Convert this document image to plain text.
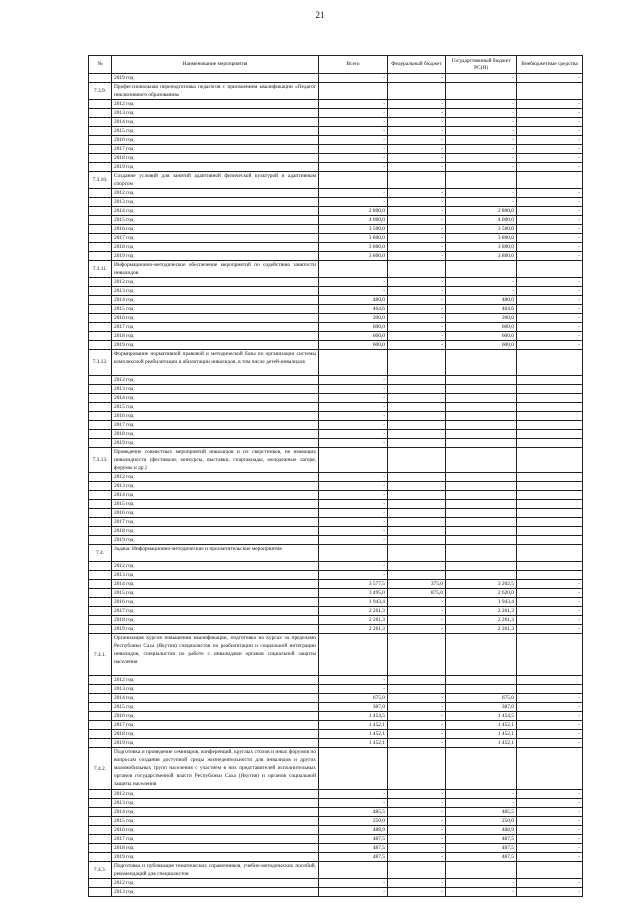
21
№	Наименование мероприятия	Всего	Федеральный бюджет	Государственный бюджет РС(Я)	Внебюджетные средства
	2019 год	-	-	-	-
7.3.9.	Профессиональная переподготовка педагогов с присвоением квалификации «Педагог инклюзивного образования»				
	2012 год	-	-	-	-
	2013 год	-	-	-	-
	2014 год	-	-	-	-
	2015 год	-	-	-	-
	2016 год	-	-	-	-
	2017 год	-	-	-	-
	2018 год	-	-	-	-
	2019 год	-	-	-	-
7.3.10.	Создание условий для занятий адаптивной физической культурой и адаптивным спортом				
	2012 год	-	-	-	-
	2013 год	-	-	-	-
	2014 год	2 800,0	-	2 800,0	-
	2015 год	4 000,0	-	4 000,0	-
	2016 год	3 500,0	-	3 500,0	-
	2017 год	3 800,0	-	3 800,0	-
	2018 год	3 800,0	-	3 800,0	-
	2019 год	3 800,0	-	3 800,0	-
7.3.11.	Информационно-методическое обеспечение мероприятий по содействию занятости инвалидов				
	2012 год	-	-	-	-
	2013 год	-	-	-	-
	2014 год	480,0	-	480,0	-
	2015 год	464,6	-	464,6	-
	2016 год	200,0	-	200,0	-
	2017 год	600,0	-	600,0	-
	2018 год	600,0	-	600,0	-
	2019 год	600,0	-	600,0	-
7.3.12.	Формирование нормативной правовой и методической базы по организации системы комплексной реабилитации и абилитации инвалидов, в том числе детей-инвалидов				
	2012 год	-			
	2013 год	-			
	2014 год	-			
	2015 год	-			
	2016 год	-			
	2017 год	-			
	2018 год	-			
	2019 год	-			
7.3.13.	Проведение совместных мероприятий инвалидов и их сверстников, не имеющих инвалидности (фестивали, конкурсы, выставки, спартакиады, молодежные лагеря, форумы и др.)				
	2012 год	-			
	2013 год	-			
	2014 год	-			
	2015 год	-			
	2016 год	-			
	2017 год	-			
	2018 год	-			
	2019 год	-			
7.4.	Задача: Информационно-методические и просветительские мероприятия				
	2012 год	-			
	2013 год	-			
	2014 год	3 577,5	375,0	3 202,5	-
	2015 год	3 495,0	875,0	2 620,0	-
	2016 год	1 943,4	-	1 943,4	-
	2017 год	2 261,3	-	2 261,3	-
	2018 год	2 261,3	-	2 261,3	-
	2019 год	2 261,3	-	2 261,3	-
7.4.1.	Организация курсов повышения квалификации, подготовка на курсах за пределами Республики Саха (Якутия) специалистов по реабилитации и социальной интеграции инвалидов, специалистов по работе с инвалидами органов социальной защиты населения				
	2012 год	-			
	2013 год	-			
	2014 год	675,0	-	675,0	-
	2015 год	387,0	-	387,0	-
	2016 год	1 454,5	-	1 454,5	-
	2017 год	1 452,1	-	1 452,1	-
	2018 год	1 452,1	-	1 452,1	-
	2019 год	1 452,1	-	1 452,1	-
7.4.2.	Подготовка и проведение семинаров, конференций, круглых столов и иных форумов по вопросам создания доступной среды жизнедеятельности для инвалидов и других маломобильных групп населения с участием в них представителей исполнительных органов государственной власти Республики Саха (Якутия) и органов социальной защиты населения				
	2012 год	-	-	-	-
	2013 год	-	-	-	-
	2014 год	485,5	-	485,5	-
	2015 год	250,0	-	250,0	-
	2016 год	488,9	-	488,9	-
	2017 год	487,5	-	487,5	-
	2018 год	487,5	-	487,5	-
	2019 год	487,5	-	487,5	-
7.4.3.	Подготовка и публикация тематических справочников, учебно-методических пособий, рекомендаций для специалистов				
	2012 год	-	-	-	-
	2013 год	-	-	-	-
